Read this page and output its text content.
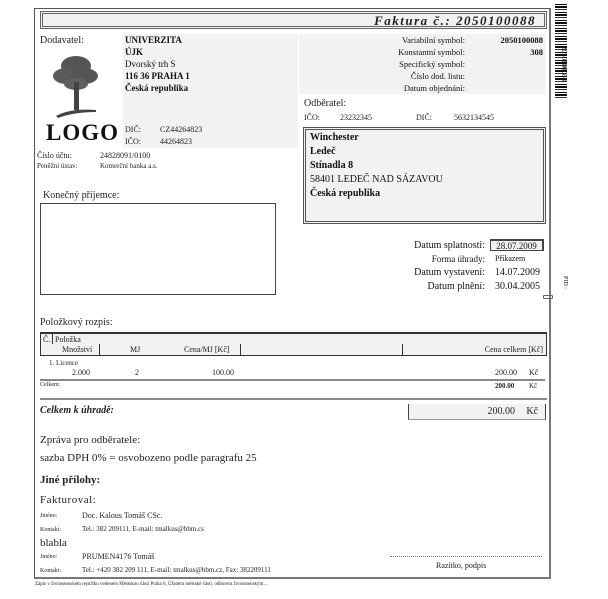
Faktura č.: 2050100088
2050100088
Dodavatel:	UNIVERZITA
ÚJK
Dvorský trh S
116 36 PRAHA 1
Česká republika
LOGO DIČ: CZ44264823
IČO: 44264823
Číslo účtu:	24828091/0100
Peněžní ústav:	Komerční banka a.s.
Variabilní symbol:	2050100088
Konstantní symbol:	308
Specifický symbol:
Číslo dod. listu:
Datum objednání:
Odběratel:
IČO:	23232345	DIČ:	5632134545
Winchester
Ledeč
Stínadla 8
58401 LEDEČ NAD SÁZAVOU
Česká republika
Konečný příjemce:
Datum splatnosti:	28.07.2009
Forma úhrady: Příkazem
Datum vystavení: 14.07.2009
Datum plnění: 30.04.2005	PID :
Položkový rozpis:
Č. Položka
Množství	MJ	Cena/MJ [Kč]	Cena celkem [Kč]
1. Licence
2.000	2	100.00	200.00 Kč
Celkem:	200.00 Kč
Celkem k úhradě:	200.00 Kč
Zpráva pro odběratele:
sazba DPH 0% = osvobozeno podle paragrafu 25
Jiné přílohy:
Fakturoval:
Jméno:	Doc. Kalous Tomáš CSc.
Kontakt:	Tel.: 382 209111, E-mail: tmalkus@bbm.cs
blabla
Jméno:	PRUMEN4176 Tomáš
Kontakt:	Tel.: +420 382 209 111, E-mail: tmalkus@bbm.cz, Fax: 382209111	Razítko, podpis
Zápis v živnostenském rejstříku vedeném Městskou částí Praha 6, Úřadem městské části, odborem živnostenským...
